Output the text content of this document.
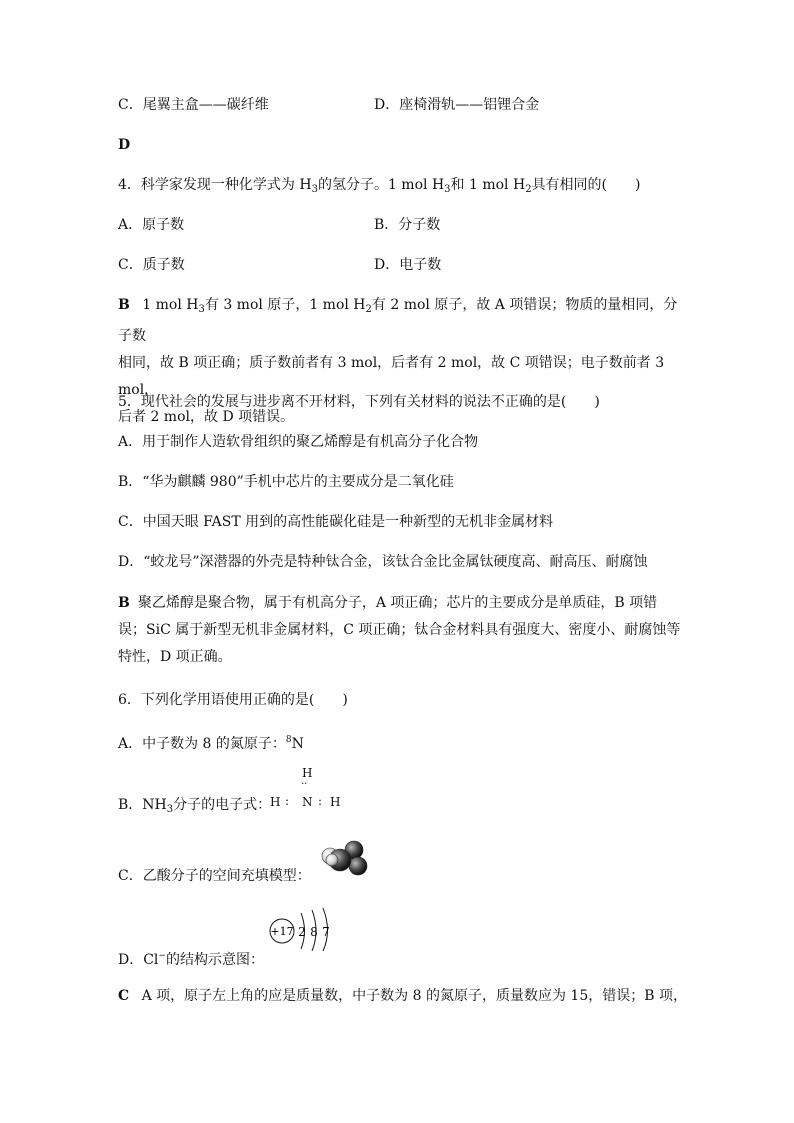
C．尾翼主盒——碳纤维	D．座椅滑轨——铝锂合金
D
4．科学家发现一种化学式为 $H_3$的氢分子。1 mol $H_3$和 1 mol $H_2$具有相同的(　　)
A．原子数	B．分子数
C．质子数	D．电子数
B 1 mol $H_3$有 3 mol 原子，1 mol $H_2$有 2 mol 原子，故 A 项错误；物质的量相同，分子数
相同，故 B 项正确；质子数前者有 3 mol，后者有 2 mol，故 C 项错误；电子数前者 3 mol，
后者 2 mol，故 D 项错误。
5．现代社会的发展与进步离不开材料，下列有关材料的说法不正确的是(　　)
A．用于制作人造软骨组织的聚乙烯醇是有机高分子化合物
B．“华为麒麟 980”手机中芯片的主要成分是二氧化硅
C．中国天眼 FAST 用到的高性能碳化硅是一种新型的无机非金属材料
D．“蛟龙号”深潜器的外壳是特种钛合金，该钛合金比金属钛硬度高、耐高压、耐腐蚀
B 聚乙烯醇是聚合物，属于有机高分子，A 项正确；芯片的主要成分是单质硅，B 项错误；SiC 属于新型无机非金属材料，C 项正确；钛合金材料具有强度大、密度小、耐腐蚀等特性，D 项正确。
6．下列化学用语使用正确的是(　　)
A．中子数为 8 的氮原子：$^8$N
B．$NH_3$分子的电子式：
H
··
H : N : H
C．乙酸分子的空间充填模型：
D．Cl−的结构示意图：
+17 2 8 7
C A 项，原子左上角的应是质量数，中子数为 8 的氮原子，质量数应为 15，错误；B 项，
